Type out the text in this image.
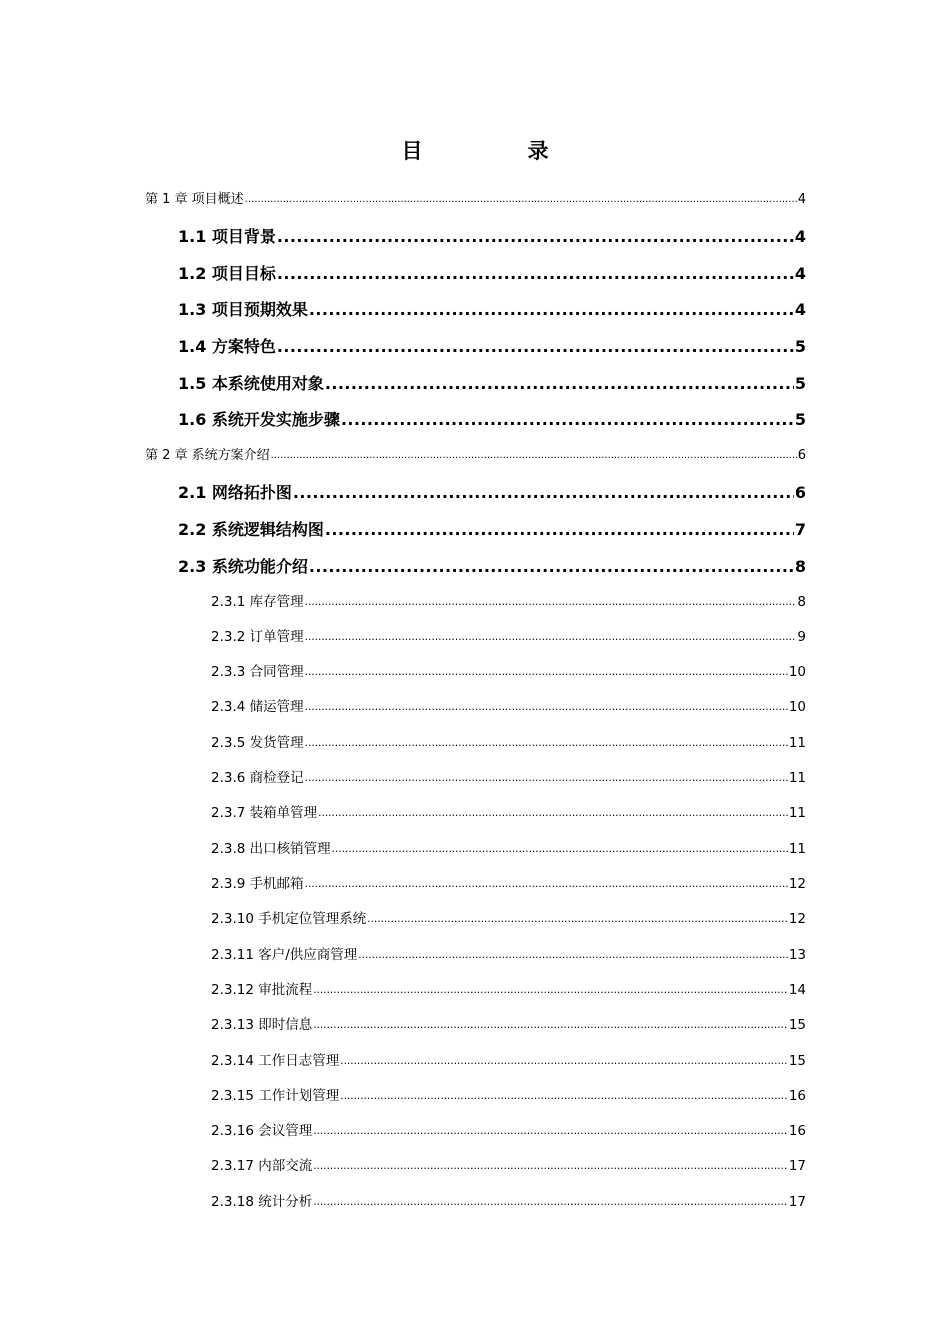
目　录
第 1 章 项目概述 .....	4
1.1 项目背景 .....	4
1.2 项目目标 .....	4
1.3 项目预期效果 .....	4
1.4 方案特色 .....	5
1.5 本系统使用对象 .....	5
1.6 系统开发实施步骤 .....	5
第 2 章 系统方案介绍 .....	6
2.1 网络拓扑图 .....	6
2.2 系统逻辑结构图 .....	7
2.3 系统功能介绍 .....	8
2.3.1 库存管理 .....	8
2.3.2 订单管理 .....	9
2.3.3 合同管理 .....	10
2.3.4 储运管理 .....	10
2.3.5 发货管理 .....	11
2.3.6 商检登记 .....	11
2.3.7 装箱单管理 .....	11
2.3.8 出口核销管理 .....	11
2.3.9 手机邮箱 .....	12
2.3.10 手机定位管理系统 .....	12
2.3.11 客户/供应商管理 .....	13
2.3.12 审批流程 .....	14
2.3.13 即时信息 .....	15
2.3.14 工作日志管理 .....	15
2.3.15 工作计划管理 .....	16
2.3.16 会议管理 .....	16
2.3.17 内部交流 .....	17
2.3.18 统计分析 .....	17
